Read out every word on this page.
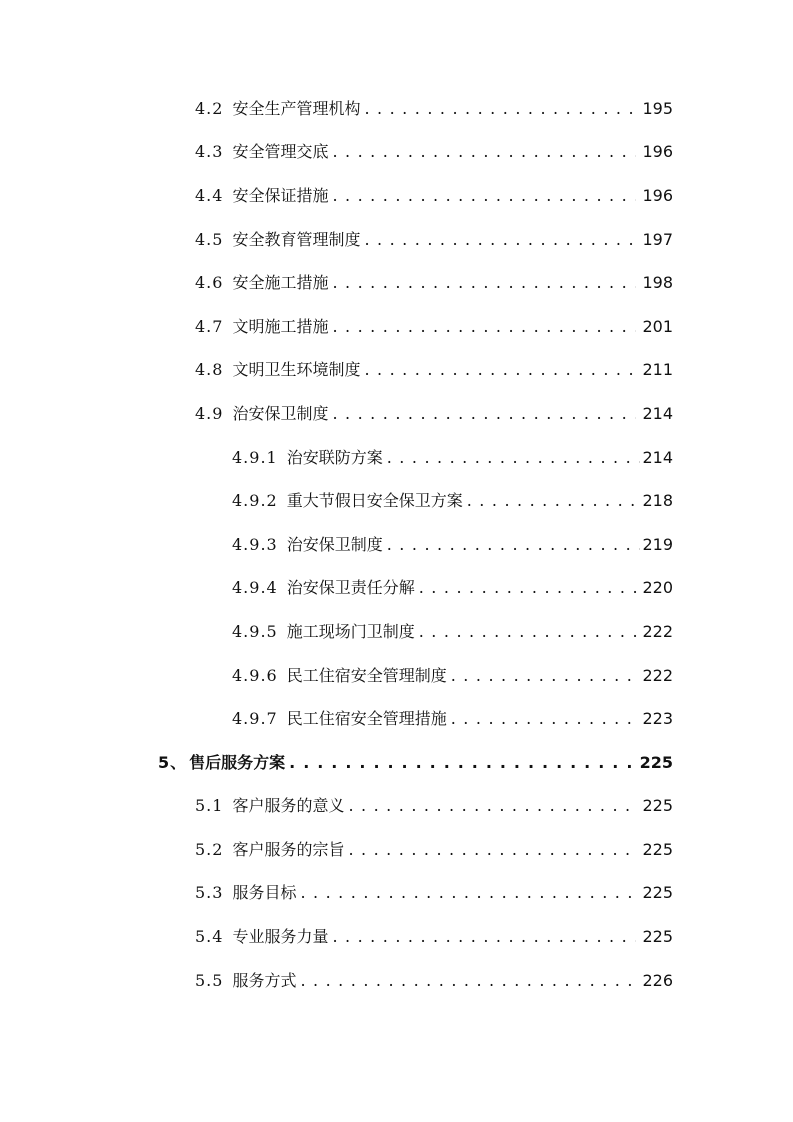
4.2 安全生产管理机构 . . .	195
4.3 安全管理交底 . . .	196
4.4 安全保证措施 . . .	196
4.5 安全教育管理制度 . . .	197
4.6 安全施工措施 . . .	198
4.7 文明施工措施 . . .	201
4.8 文明卫生环境制度 . . .	211
4.9 治安保卫制度 . . .	214
4.9.1 治安联防方案 . . .	214
4.9.2 重大节假日安全保卫方案 . . .	218
4.9.3 治安保卫制度 . . .	219
4.9.4 治安保卫责任分解 . . .	220
4.9.5 施工现场门卫制度 . . .	222
4.9.6 民工住宿安全管理制度 . . .	222
4.9.7 民工住宿安全管理措施 . . .	223
5、 售后服务方案 . . .	225
5.1 客户服务的意义 . . .	225
5.2 客户服务的宗旨 . . .	225
5.3 服务目标 . . .	225
5.4 专业服务力量 . . .	225
5.5 服务方式 . . .	226
